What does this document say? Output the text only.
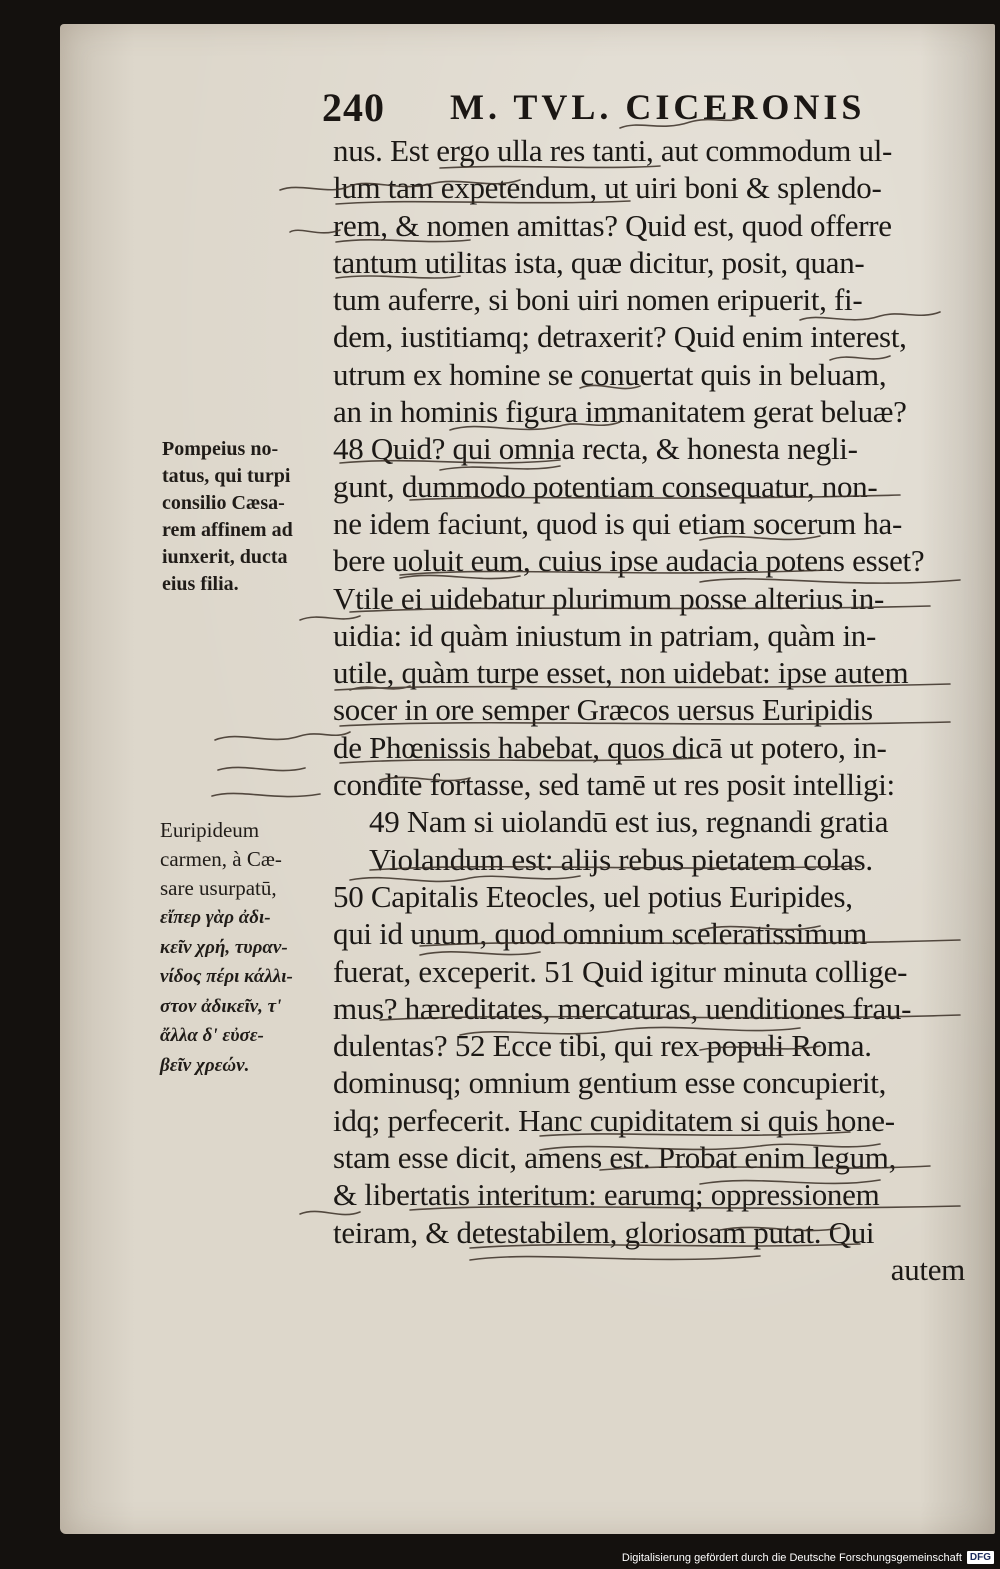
240 M. TVL. CICERONIS
nus. Est ergo ulla res tanti, aut commodum ul-
lum tam expetendum, ut uiri boni & splendo-
rem, & nomen amittas? Quid est, quod offerre
tantum utilitas ista, quæ dicitur, posit, quan-
tum auferre, si boni uiri nomen eripuerit, fi-
dem, iustitiamq; detraxerit? Quid enim interest,
utrum ex homine se conuertat quis in beluam,
an in hominis figura immanitatem gerat beluæ?
48 Quid? qui omnia recta, & honesta negli-
gunt, dummodo potentiam consequatur, non-
ne idem faciunt, quod is qui etiam socerum ha-
bere uoluit eum, cuius ipse audacia potens esset?
Vtile ei uidebatur plurimum posse alterius in-
uidia: id quàm iniustum in patriam, quàm in-
utile, quàm turpe esset, non uidebat: ipse autem
socer in ore semper Græcos uersus Euripidis
de Phœnissis habebat, quos dicā ut potero, in-
condite fortasse, sed tamē ut res posit intelligi:
49 Nam si uiolandū est ius, regnandi gratia
Violandum est: alijs rebus pietatem colas.
50 Capitalis Eteocles, uel potius Euripides,
qui id unum, quod omnium sceleratissimum
fuerat, exceperit. 51 Quid igitur minuta collige-
mus? hæreditates, mercaturas, uenditiones frau-
dulentas? 52 Ecce tibi, qui rex populi Roma.
dominusq; omnium gentium esse concupierit,
idq; perfecerit. Hanc cupiditatem si quis hone-
stam esse dicit, amens est. Probat enim legum,
& libertatis interitum: earumq; oppressionem
teiram, & detestabilem, gloriosam putat. Qui
autem
Pompeius no-
tatus, qui turpi
consilio Cæsa-
rem affinem ad
iunxerit, ducta
eius filia.
Euripideum
carmen, à Cæ-
sare usurpatū,
εἴπερ γὰρ ἀδι-
κεῖν χρή, τυραν-
νίδος πέρι κάλλι-
στον ἀδικεῖν, τ'
ἄλλα δ' εὐσε-
βεῖν χρεών.
Digitalisierung gefördert durch die Deutsche Forschungsgemeinschaft DFG
